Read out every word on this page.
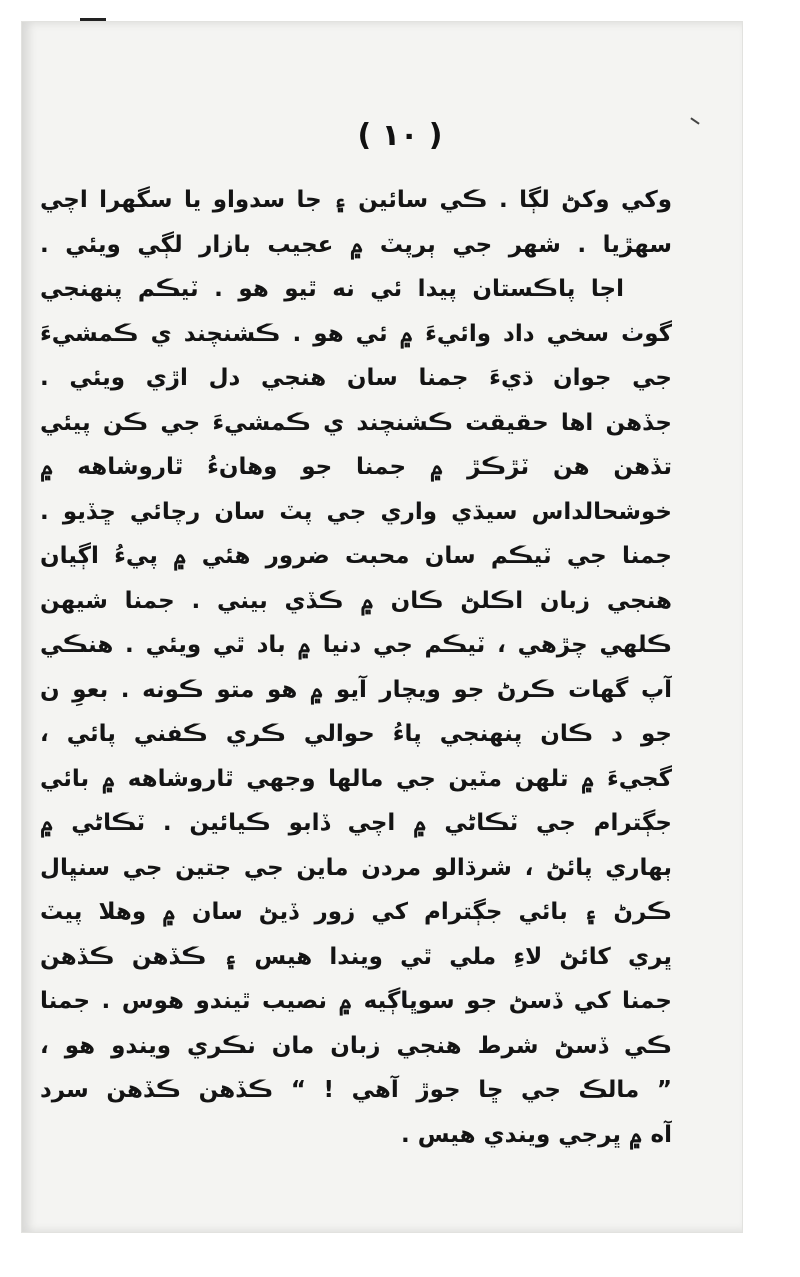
( ١٠ )
وکي وکڻ لڳا . ڪي سائين ۽ جا سدواو يا سگهرا اچي
سهڙيا . شهر جي ٻرپٽ ۾ عجيب بازار لڳي ويئي .
اڄا پاڪستان پيدا ئي نه ٿيو هو . ٽيڪم پنهنجي
گوٺ سخي داد وائيءَ ۾ ئي هو . ڪشنچند ي ڪمشيءَ
جي جوان ڌيءَ جمنا سان هنجي دل اڙي ويئي .
جڏهن اها حقيقت ڪشنچند ي ڪمشيءَ جي ڪن پيئي
تڏهن هن ٽڙڪڙ ۾ جمنا جو وهانءُ ٿاروشاهه ۾
خوشحالداس سيڌي واري جي پٽ سان رچائي ڇڏيو .
جمنا جي ٽيڪم سان محبت ضرور هئي ۾ پيءُ اڳيان
هنجي زبان اڪلڻ ڪان ۾ ڪڏي بيني . جمنا شيهن
ڪلهي چڙهي ، ٽيڪم جي دنيا ۾ باد ٿي ويئي . هنڪي
آپ گهات ڪرڻ جو ويچار آيو ۾ هو متو ڪونه . بعوِ ن
جو د ڪان پنهنجي پاءُ حوالي ڪري ڪفني پائي ،
گجيءَ ۾ تلهن مٽين جي مالها وجهي ٿاروشاهه ۾ بائي
جڳترام جي ٽڪاڻي ۾ اچي ڏابو ڪيائين . ٽڪاڻي ۾
ٻهاري پائڻ ، شرڌالو مردن ماين جي جتين جي سنڀال
ڪرڻ ۽ بائي جڳترام کي زور ڏيڻ سان ۾ وهلا پيٽ
ڀري کائڻ لاءِ ملي ٿي ويندا هيس ۽ ڪڏهن ڪڏهن
جمنا کي ڏسڻ جو سوڀاڳيه ۾ نصيب ٿيندو هوس . جمنا
ڪي ڏسڻ شرط هنجي زبان مان نڪري ويندو هو ،
” مالڪ جي ڇا جوڙ آهي ! “ ڪڏهن ڪڏهن سرد
آه ۾ ڀرجي ويندي هيس .
